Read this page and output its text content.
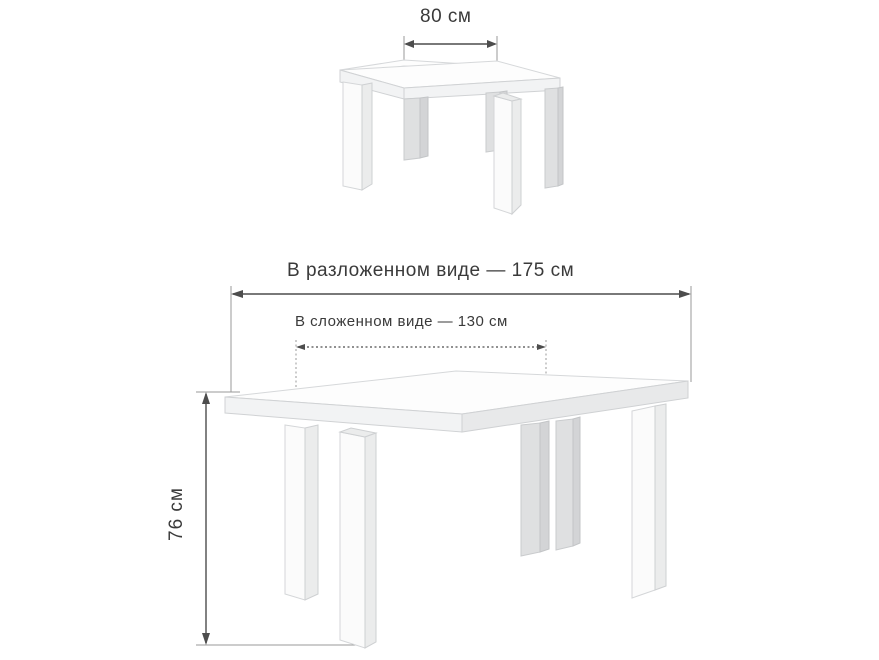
80 см
В разложенном виде — 175 см
В сложенном виде — 130 см
76 см
